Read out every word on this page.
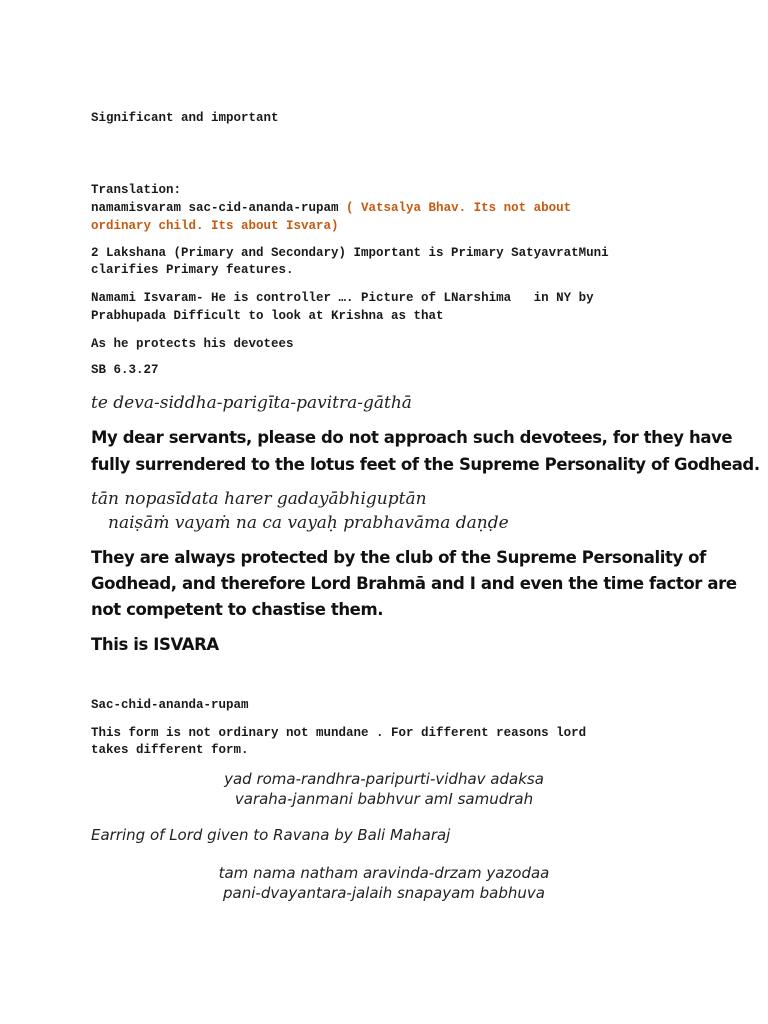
Significant and important
Translation:
namamisvaram sac-cid-ananda-rupam ( Vatsalya Bhav. Its not about
ordinary child. Its about Isvara)
2 Lakshana (Primary and Secondary) Important is Primary SatyavratMuni
clarifies Primary features.
Namami Isvaram- He is controller …. Picture of LNarshima   in NY by
Prabhupada Difficult to look at Krishna as that
As he protects his devotees
SB 6.3.27
te deva-siddha-parigīta-pavitra-gāthā
My dear servants, please do not approach such devotees, for they have
fully surrendered to the lotus feet of the Supreme Personality of Godhead.
tān nopasīdata harer gadayābhiguptān
naiṣāṁ vayaṁ na ca vayaḥ prabhavāma daṇḍe
They are always protected by the club of the Supreme Personality of
Godhead, and therefore Lord Brahmā and I and even the time factor are
not competent to chastise them.
This is ISVARA
Sac-chid-ananda-rupam
This form is not ordinary not mundane . For different reasons lord
takes different form.
yad roma-randhra-paripurti-vidhav adaksa
varaha-janmani babhvur amI samudrah
Earring of Lord given to Ravana by Bali Maharaj
tam nama natham aravinda-drzam yazodaa
pani-dvayantara-jalaih snapayam babhuva
